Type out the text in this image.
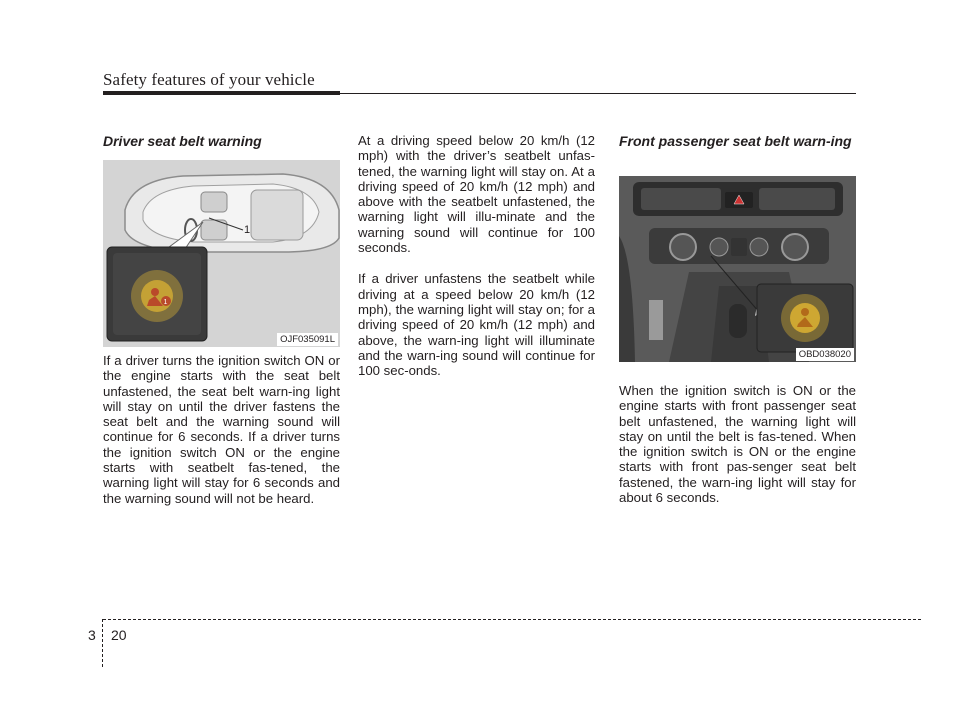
Safety features of your vehicle

Driver seat belt warning

1
1
OJF035091L

If a driver turns the ignition switch ON or the engine starts with the seat belt unfastened, the seat belt warn-ing light will stay on until the driver fastens the seat belt and the warning sound will continue for 6 seconds. If a driver turns the ignition switch ON or the engine starts with seatbelt fas-tened, the warning light will stay for 6 seconds and the warning sound will not be heard.

At a driving speed below 20 km/h (12 mph) with the driver’s seatbelt unfas-tened, the warning light will stay on. At a driving speed of 20 km/h (12 mph) and above with the seatbelt unfastened, the warning light will illu-minate and the warning sound will continue for 100 seconds.

If a driver unfastens the seatbelt while driving at a speed below 20 km/h (12 mph), the warning light will stay on; for a driving speed of 20 km/h (12 mph) and above, the warn-ing light will illuminate and the warn-ing sound will continue for 100 sec-onds.

Front passenger seat belt warn-ing

OBD038020

When the ignition switch is ON or the engine starts with front passenger seat belt unfastened, the warning light will stay on until the belt is fas-tened. When the ignition switch is ON or the engine starts with front pas-senger seat belt fastened, the warn-ing light will stay for about 6 seconds.

3 20
